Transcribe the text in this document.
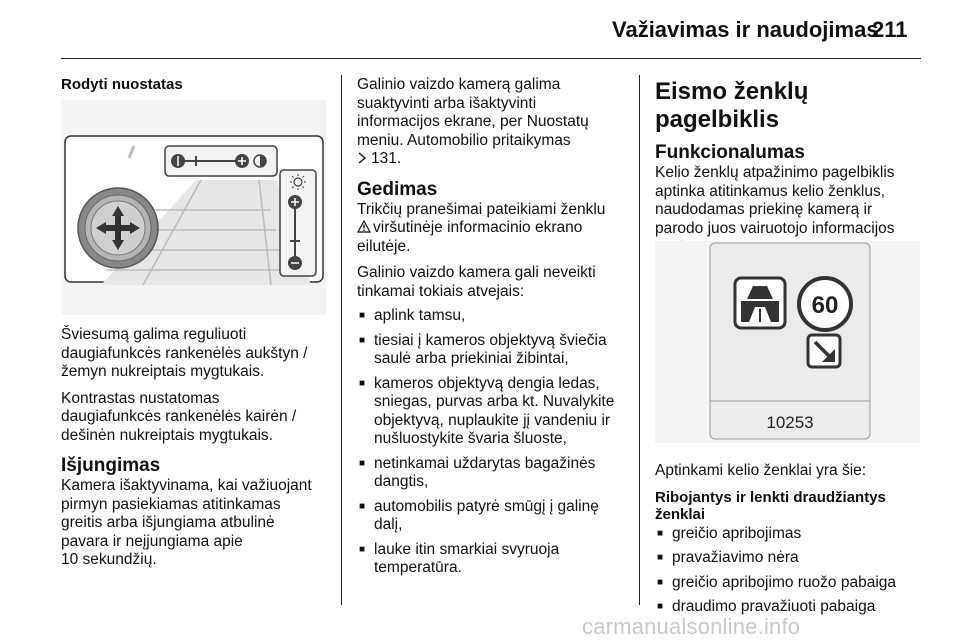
Važiavimas ir naudojimas
211

Rodyti nuostatas

Šviesumą galima reguliuoti

daugiafunkcės rankenėlės aukštyn /

žemyn nukreiptais mygtukais.

Kontrastas nustatomas

daugiafunkcės rankenėlės kairėn /

dešinėn nukreiptais mygtukais.

Išjungimas

Kamera išaktyvinama, kai važiuojant

pirmyn pasiekiamas atitinkamas

greitis arba išjungiama atbulinė

pavara ir neįjungiama apie

10 sekundžių.

Galinio vaizdo kamerą galima

suaktyvinti arba išaktyvinti

informacijos ekrane, per Nuostatų

meniu. Automobilio pritaikymas

131.

Gedimas

Trikčių pranešimai pateikiami ženklu

viršutinėje informacinio ekrano

eilutėje.

Galinio vaizdo kamera gali neveikti

tinkamai tokiais atvejais:

■ aplink tamsu,
■ tiesiai į kameros objektyvą šviečia
saulė arba priekiniai žibintai,
■ kameros objektyvą dengia ledas,
sniegas, purvas arba kt. Nuvalykite
objektyvą, nuplaukite jį vandeniu ir
nušluostykite švaria šluoste,
■ netinkamai uždarytas bagažinės
dangtis,
■ automobilis patyrė smūgį į galinę
dalį,
■ lauke itin smarkiai svyruoja
temperatūra.

Eismo ženklų pagelbiklis

Funkcionalumas

Kelio ženklų atpažinimo pagelbiklis

aptinka atitinkamus kelio ženklus,

naudodamas priekinę kamerą ir

parodo juos vairuotojo informacijos

60
10253

Aptinkami kelio ženklai yra šie:

Ribojantys ir lenkti draudžiantys

ženklai

■ greičio apribojimas
■ pravažiavimo nėra
■ greičio apribojimo ruožo pabaiga
■ draudimo pravažiuoti pabaiga
carmanualsonline.info
